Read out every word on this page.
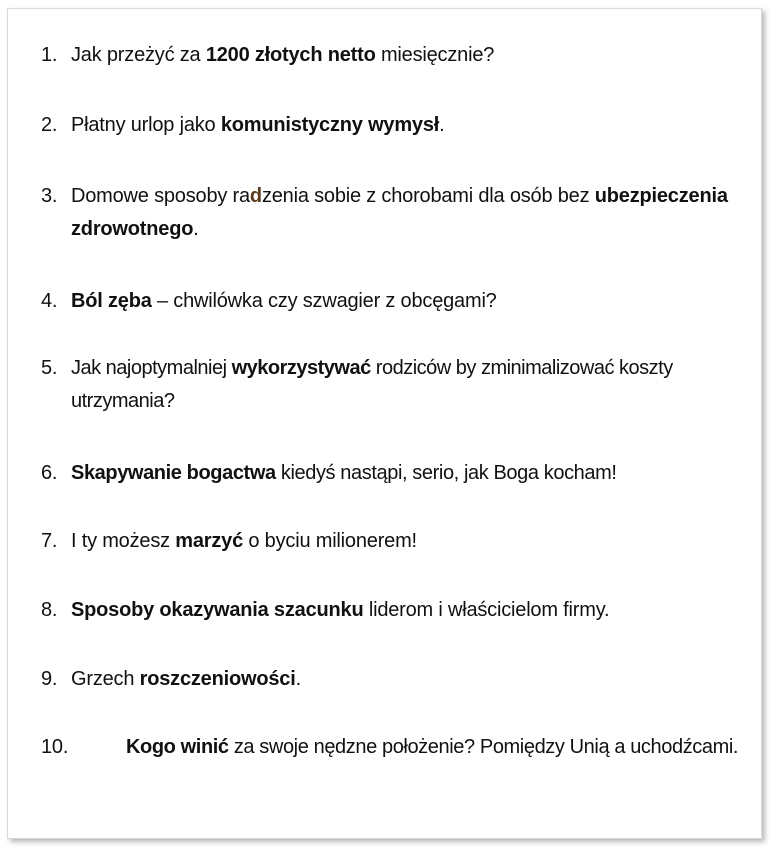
1. Jak przeżyć za 1200 złotych netto miesięcznie?
2. Płatny urlop jako komunistyczny wymysł.
3. Domowe sposoby radzenia sobie z chorobami dla osób bez ubezpieczenia zdrowotnego.
4. Ból zęba – chwilówka czy szwagier z obcęgami?
5. Jak najoptymalniej wykorzystywać rodziców by zminimalizować koszty utrzymania?
6. Skapywanie bogactwa kiedyś nastąpi, serio, jak Boga kocham!
7. I ty możesz marzyć o byciu milionerem!
8. Sposoby okazywania szacunku liderom i właścicielom firmy.
9. Grzech roszczeniowości.
10.	Kogo winić za swoje nędzne położenie? Pomiędzy Unią a uchodźcami.
